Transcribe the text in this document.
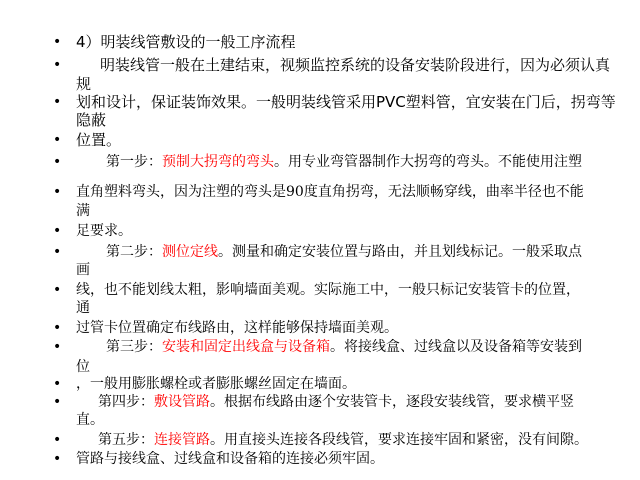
• 4）明装线管敷设的一般工序流程
•	明装线管一般在土建结束，视频监控系统的设备安装阶段进行，因为必须认真
规
• 划和设计，保证装饰效果。一般明装线管采用PVC塑料管，宜安装在门后，拐弯等
隐蔽
• 位置。
•	第一步：预制大拐弯的弯头。用专业弯管器制作大拐弯的弯头。不能使用注塑
• 直角塑料弯头，因为注塑的弯头是90度直角拐弯，无法顺畅穿线，曲率半径也不能
满
• 足要求。
•	第二步：测位定线。测量和确定安装位置与路由，并且划线标记。一般采取点
画
• 线，也不能划线太粗，影响墙面美观。实际施工中，一般只标记安装管卡的位置，
通
• 过管卡位置确定布线路由，这样能够保持墙面美观。
•	第三步：安装和固定出线盒与设备箱。将接线盒、过线盒以及设备箱等安装到
位
• ，一般用膨胀螺栓或者膨胀螺丝固定在墙面。
•	第四步：敷设管路。根据布线路由逐个安装管卡，逐段安装线管，要求横平竖
直。
•	第五步：连接管路。用直接头连接各段线管，要求连接牢固和紧密，没有间隙。
• 管路与接线盒、过线盒和设备箱的连接必须牢固。
